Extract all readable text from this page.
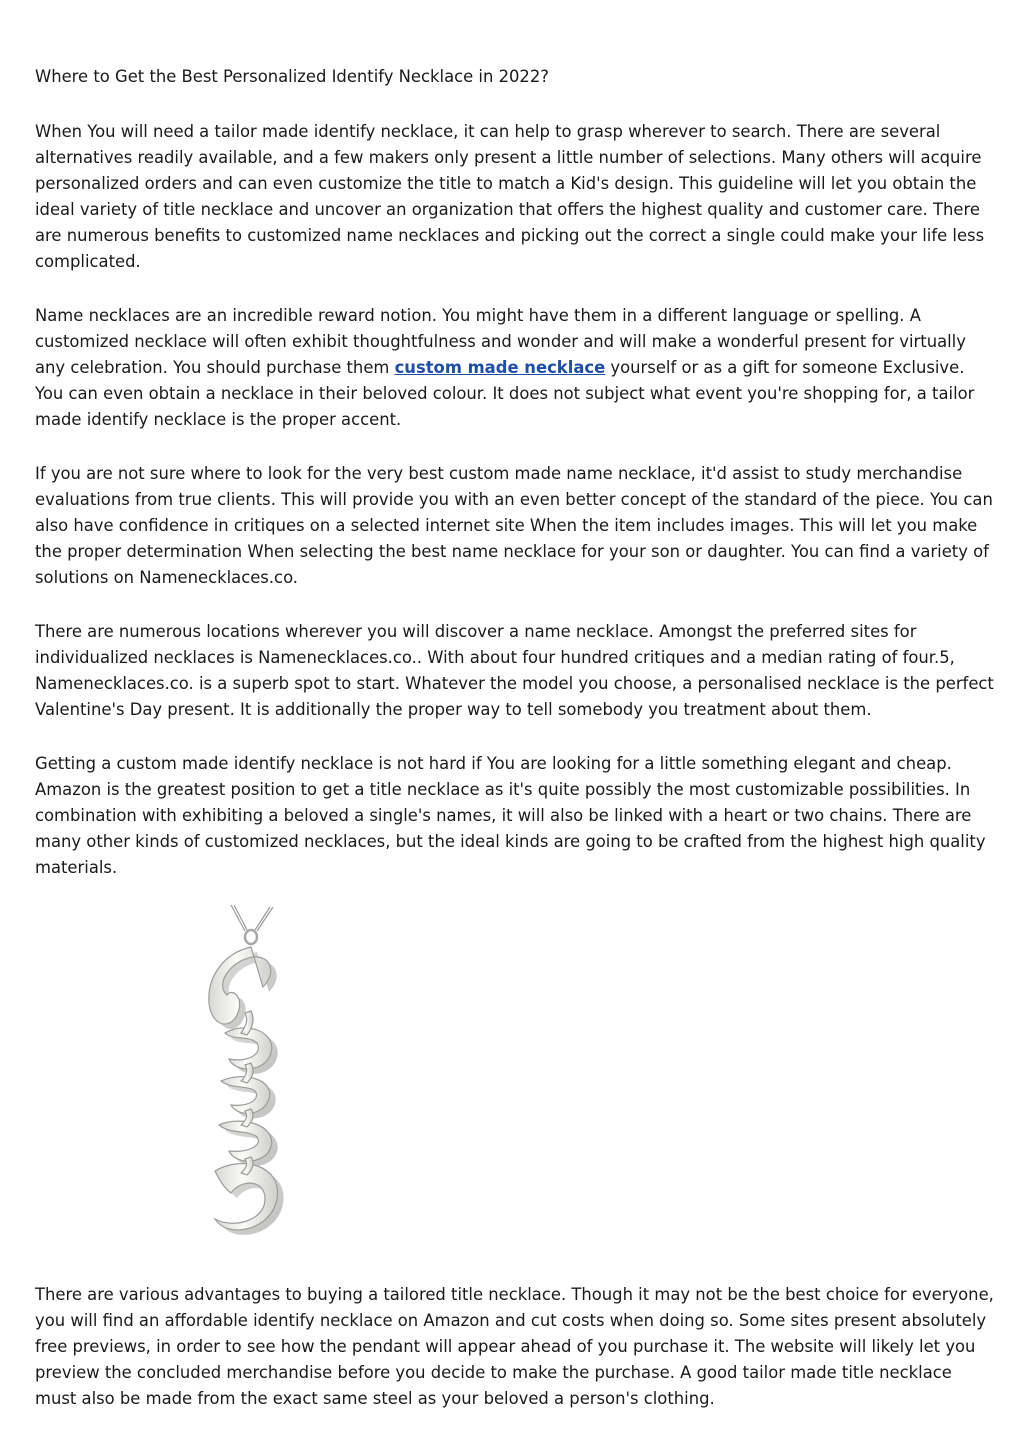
Where to Get the Best Personalized Identify Necklace in 2022?

When You will need a tailor made identify necklace, it can help to grasp wherever to search. There are several alternatives readily available, and a few makers only present a little number of selections. Many others will acquire personalized orders and can even customize the title to match a Kid's design. This guideline will let you obtain the ideal variety of title necklace and uncover an organization that offers the highest quality and customer care. There are numerous benefits to customized name necklaces and picking out the correct a single could make your life less complicated.

Name necklaces are an incredible reward notion. You might have them in a different language or spelling. A customized necklace will often exhibit thoughtfulness and wonder and will make a wonderful present for virtually any celebration. You should purchase them custom made necklace yourself or as a gift for someone Exclusive. You can even obtain a necklace in their beloved colour. It does not subject what event you're shopping for, a tailor made identify necklace is the proper accent.

If you are not sure where to look for the very best custom made name necklace, it'd assist to study merchandise evaluations from true clients. This will provide you with an even better concept of the standard of the piece. You can also have confidence in critiques on a selected internet site When the item includes images. This will let you make the proper determination When selecting the best name necklace for your son or daughter. You can find a variety of solutions on Namenecklaces.co.

There are numerous locations wherever you will discover a name necklace. Amongst the preferred sites for individualized necklaces is Namenecklaces.co.. With about four hundred critiques and a median rating of four.5, Namenecklaces.co. is a superb spot to start. Whatever the model you choose, a personalised necklace is the perfect Valentine's Day present. It is additionally the proper way to tell somebody you treatment about them.

Getting a custom made identify necklace is not hard if You are looking for a little something elegant and cheap. Amazon is the greatest position to get a title necklace as it's quite possibly the most customizable possibilities. In combination with exhibiting a beloved a single's names, it will also be linked with a heart or two chains. There are many other kinds of customized necklaces, but the ideal kinds are going to be crafted from the highest high quality materials.

There are various advantages to buying a tailored title necklace. Though it may not be the best choice for everyone, you will find an affordable identify necklace on Amazon and cut costs when doing so. Some sites present absolutely free previews, in order to see how the pendant will appear ahead of you purchase it. The website will likely let you preview the concluded merchandise before you decide to make the purchase. A good tailor made title necklace must also be made from the exact same steel as your beloved a person's clothing.
